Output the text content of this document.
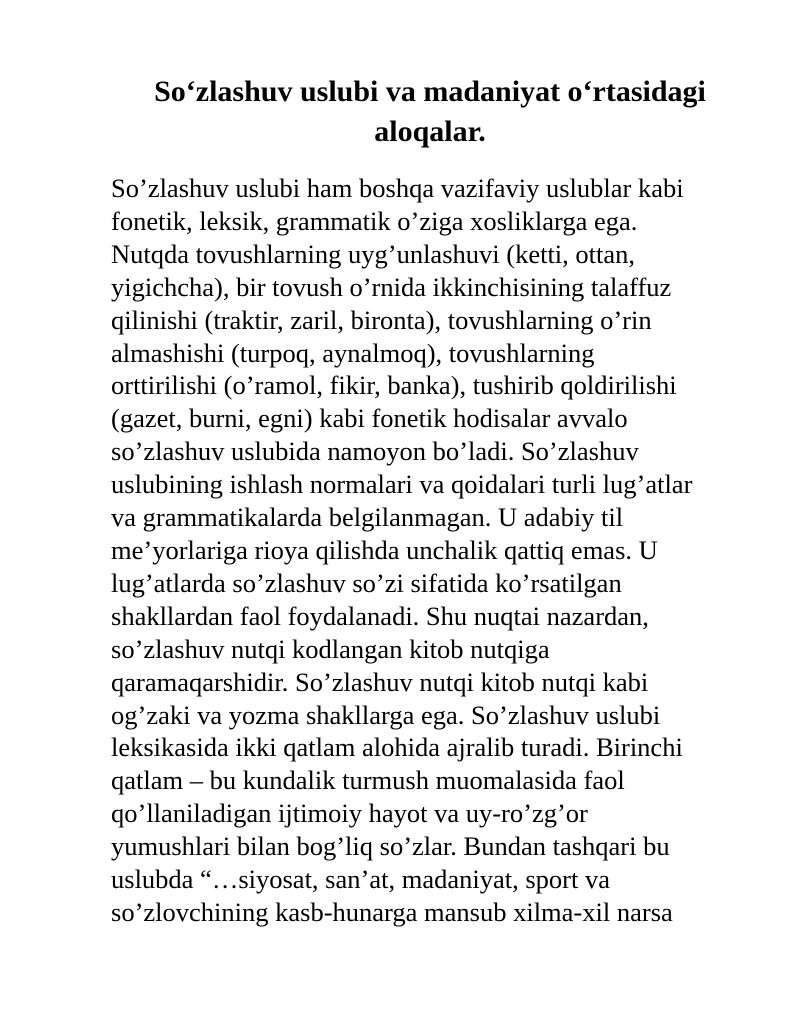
So‘zlashuv uslubi va madaniyat o‘rtasidagi
aloqalar.
So’zlashuv uslubi ham boshqa vazifaviy uslublar kabi
fonetik, leksik, grammatik o’ziga xosliklarga ega.
Nutqda tovushlarning uyg’unlashuvi (ketti, ottan,
yigichcha), bir tovush o’rnida ikkinchisining talaffuz
qilinishi (traktir, zaril, bironta), tovushlarning o’rin
almashishi (turpoq, aynalmoq), tovushlarning
orttirilishi (o’ramol, fikir, banka), tushirib qoldirilishi
(gazet, burni, egni) kabi fonetik hodisalar avvalo
so’zlashuv uslubida namoyon bo’ladi. So’zlashuv
uslubining ishlash normalari va qoidalari turli lug’atlar
va grammatikalarda belgilanmagan. U adabiy til
me’yorlariga rioya qilishda unchalik qattiq emas. U
lug’atlarda so’zlashuv so’zi sifatida ko’rsatilgan
shakllardan faol foydalanadi. Shu nuqtai nazardan,
so’zlashuv nutqi kodlangan kitob nutqiga
qaramaqarshidir. So’zlashuv nutqi kitob nutqi kabi
og’zaki va yozma shakllarga ega. So’zlashuv uslubi
leksikasida ikki qatlam alohida ajralib turadi. Birinchi
qatlam – bu kundalik turmush muomalasida faol
qo’llaniladigan ijtimoiy hayot va uy-ro’zg’or
yumushlari bilan bog’liq so’zlar. Bundan tashqari bu
uslubda “…siyosat, san’at, madaniyat, sport va
so’zlovchining kasb-hunarga mansub xilma-xil narsa
